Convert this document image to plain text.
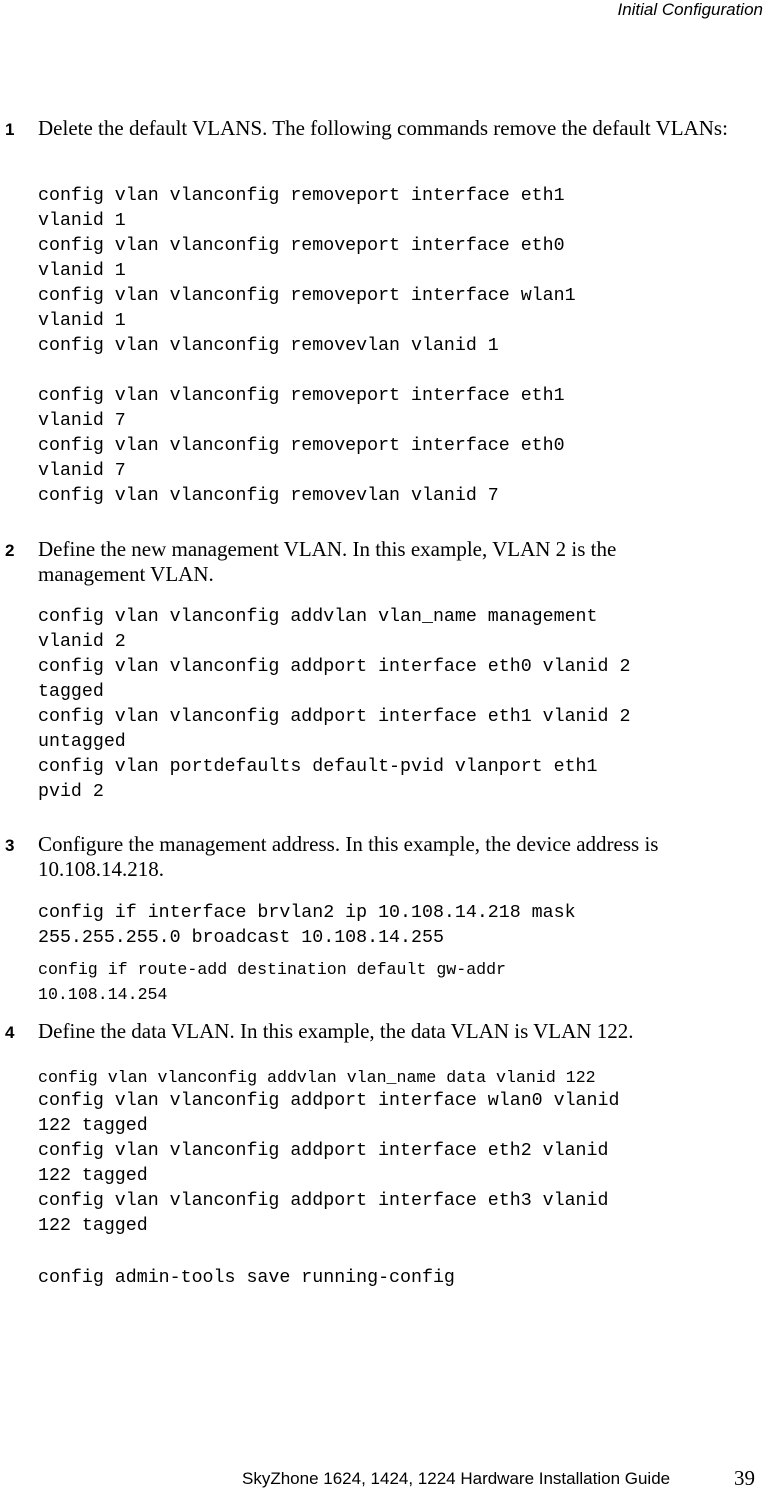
Initial Configuration
1 Delete the default VLANS. The following commands remove the default VLANs:

config vlan vlanconfig removeport interface eth1
vlanid 1
config vlan vlanconfig removeport interface eth0
vlanid 1
config vlan vlanconfig removeport interface wlan1
vlanid 1
config vlan vlanconfig removevlan vlanid 1
config vlan vlanconfig removeport interface eth1
vlanid 7
config vlan vlanconfig removeport interface eth0
vlanid 7
config vlan vlanconfig removevlan vlanid 7
2 Define the new management VLAN. In this example, VLAN 2 is the management VLAN.

config vlan vlanconfig addvlan vlan_name management
vlanid 2
config vlan vlanconfig addport interface eth0 vlanid 2
tagged
config vlan vlanconfig addport interface eth1 vlanid 2
untagged
config vlan portdefaults default-pvid vlanport eth1
pvid 2
3 Configure the management address. In this example, the device address is 10.108.14.218.

config if interface brvlan2 ip 10.108.14.218 mask
255.255.255.0 broadcast 10.108.14.255
config if route-add destination default gw-addr
10.108.14.254
4 Define the data VLAN. In this example, the data VLAN is VLAN 122.

config vlan vlanconfig addvlan vlan_name data vlanid 122
config vlan vlanconfig addport interface wlan0 vlanid
122 tagged
config vlan vlanconfig addport interface eth2 vlanid
122 tagged
config vlan vlanconfig addport interface eth3 vlanid
122 tagged
config admin-tools save running-config
SkyZhone 1624, 1424, 1224 Hardware Installation Guide	39
